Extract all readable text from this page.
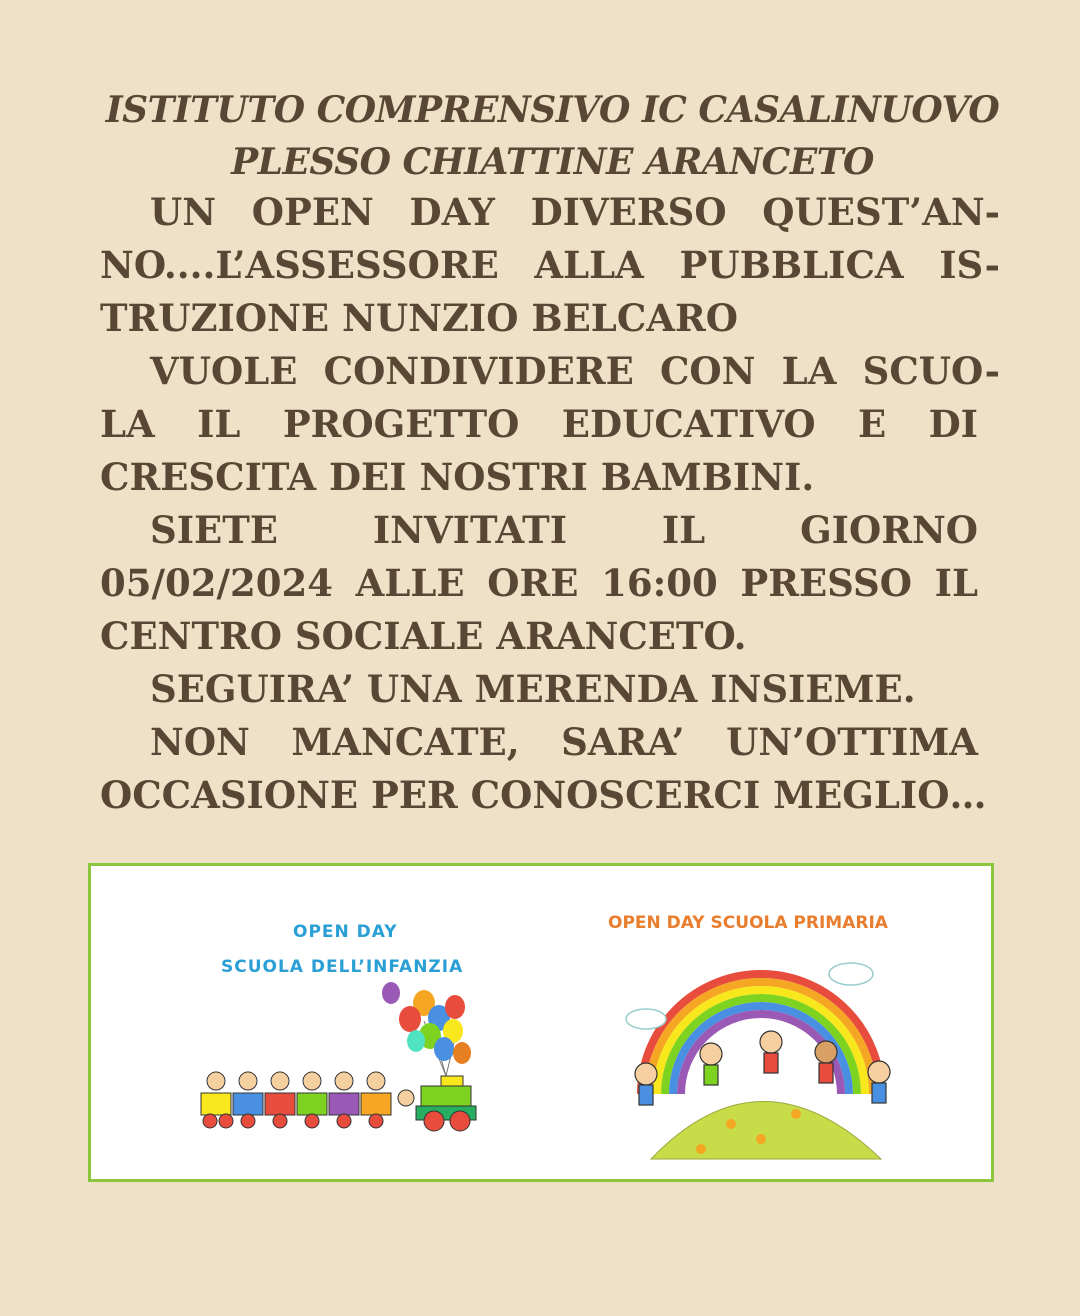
ISTITUTO COMPRENSIVO IC CASALINUOVO
PLESSO CHIATTINE ARANCETO
UN OPEN DAY DIVERSO QUEST’AN-
NO....L’ASSESSORE ALLA PUBBLICA IS-
TRUZIONE NUNZIO BELCARO
VUOLE CONDIVIDERE CON LA SCUO-
LA IL PROGETTO EDUCATIVO E DI
CRESCITA DEI NOSTRI BAMBINI.
SIETE INVITATI IL GIORNO
05/02/2024 ALLE ORE 16:00 PRESSO IL
CENTRO SOCIALE ARANCETO.
SEGUIRA’ UNA MERENDA INSIEME.
NON MANCATE, SARA’ UN’OTTIMA
OCCASIONE PER CONOSCERCI MEGLIO…
OPEN DAY
SCUOLA DELL’INFANZIA
OPEN DAY SCUOLA PRIMARIA
